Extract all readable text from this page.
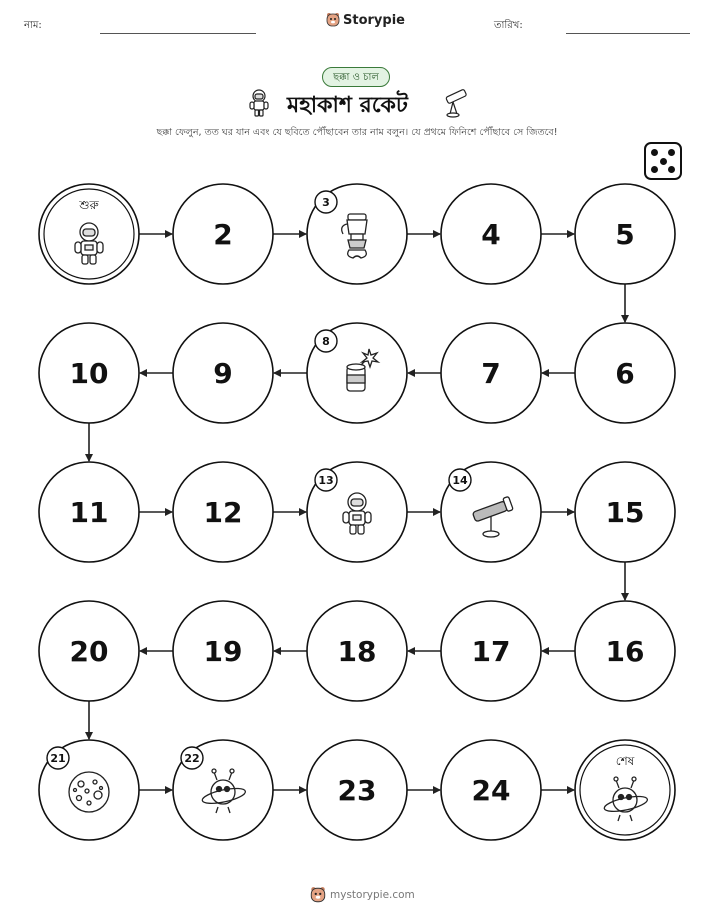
নাম:	Storypie	তারিখ:
ছক্কা ও চাল
মহাকাশ রকেট
ছক্কা ফেলুন, তত ঘর যান এবং যে ছবিতে পৌঁছাবেন তার নাম বলুন। যে প্রথমে ফিনিশে পৌঁছাবে সে জিতবে!
শুরু
2
3
4	5
6
7
8
9
10
11	12
13	14
15
16
17
18
19
20
21	22
23	24
শেষ
mystorypie.com
